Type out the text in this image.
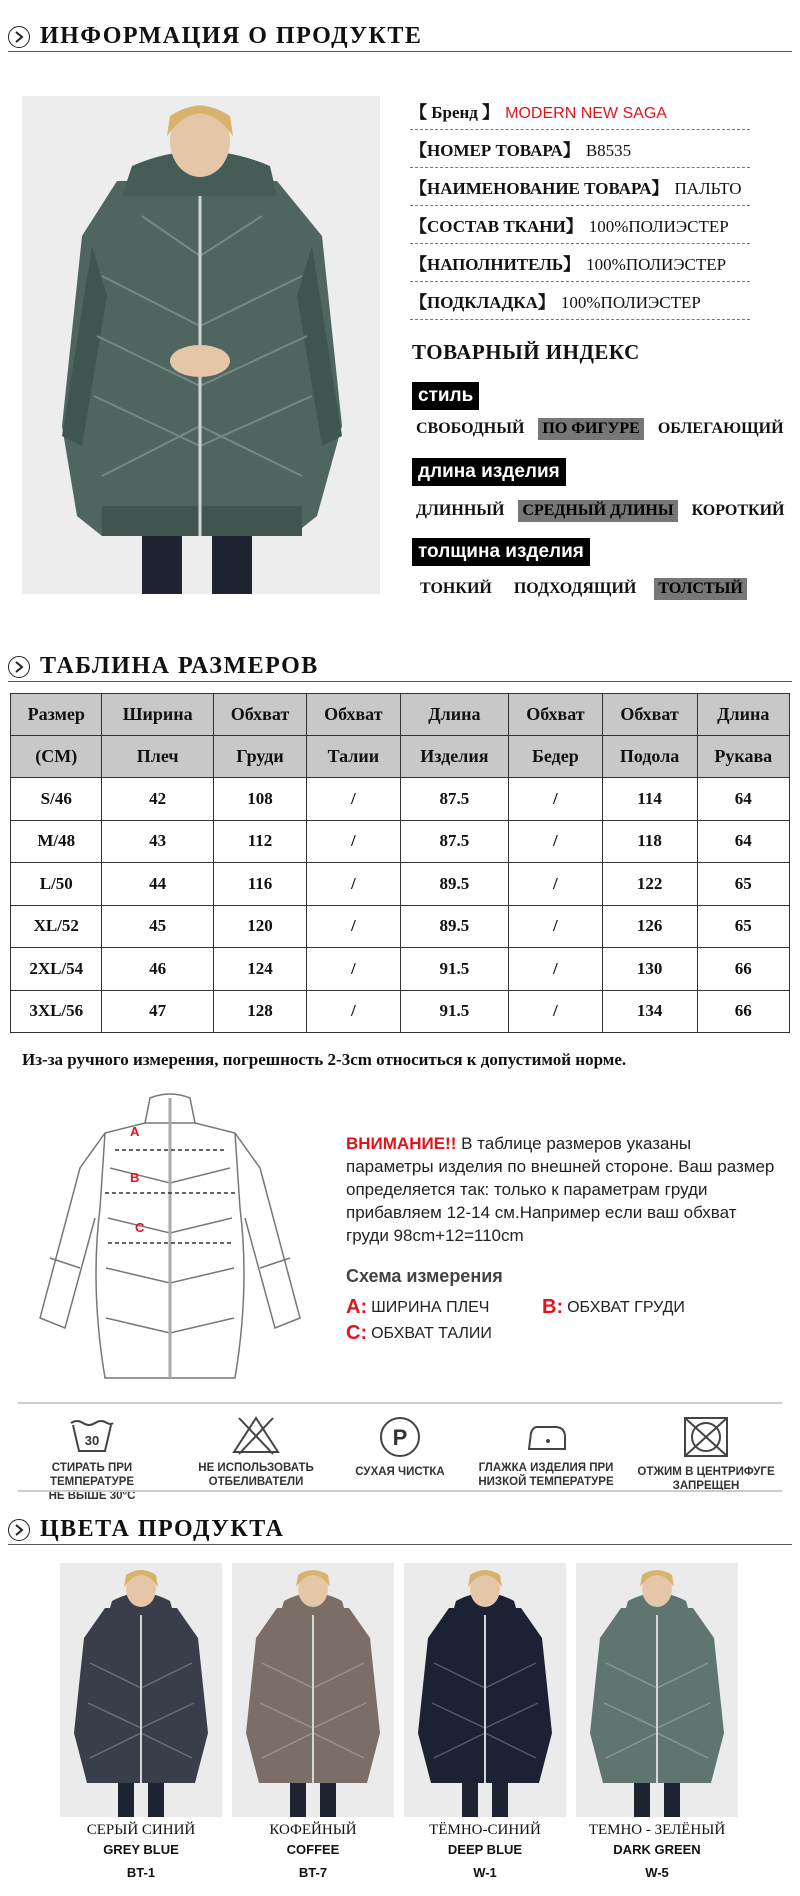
ИНФОРМАЦИЯ О ПРОДУКТЕ
【 Бренд 】 MODERN NEW SAGA
【НОМЕР ТОВАРА】 B8535
【НАИМЕНОВАНИЕ ТОВАРА】 ПАЛЬТО
【СОСТАВ ТКАНИ】 100%ПОЛИЭСТЕР
【НАПОЛНИТЕЛЬ】 100%ПОЛИЭСТЕР
【ПОДКЛАДКА】 100%ПОЛИЭСТЕР
ТОВАРНЫЙ ИНДЕКС
стиль
СВОБОДНЫЙ ПО ФИГУРЕ ОБЛЕГАЮЩИЙ
длина изделия
ДЛИННЫЙ СРЕДНЫЙ ДЛИНЫ КОРОТКИЙ
толщина изделия
ТОНКИЙ ПОДХОДЯЩИЙ ТОЛСТЫЙ
ТАБЛИНА РАЗМЕРОВ
Размер	Ширина	Обхват	Обхват	Длина	Обхват	Обхват	Длина
(CM)	Плеч	Груди	Талии	Изделия	Бедер	Подола	Рукава
S/46	42	108	/	87.5	/	114	64
M/48	43	112	/	87.5	/	118	64
L/50	44	116	/	89.5	/	122	65
XL/52	45	120	/	89.5	/	126	65
2XL/54	46	124	/	91.5	/	130	66
3XL/56	47	128	/	91.5	/	134	66
Из-за ручного измерения, погрешность 2-3cm относиться к допустимой норме.
A
B
C
ВНИМАНИЕ!! В таблице размеров указаны параметры изделия по внешней стороне. Ваш размер определяется так: только к параметрам груди прибавляем 12-14 см.Например если ваш обхват груди 98cm+12=110cm
Схема измерения
A: ШИРИНА ПЛЕЧ	B: ОБХВАТ ГРУДИ
C: ОБХВАТ ТАЛИИ
30
СТИРАТЬ ПРИ ТЕМПЕРАТУРЕ
НЕ ВЫШЕ 30°C
НЕ ИСПОЛЬЗОВАТЬ
ОТБЕЛИВАТЕЛИ
P
СУХАЯ ЧИСТКА	ГЛАЖКА ИЗДЕЛИЯ ПРИ
НИЗКОЙ ТЕМПЕРАТУРЕ
ОТЖИМ В ЦЕНТРИФУГЕ
ЗАПРЕЩЕН
ЦВЕТА ПРОДУКТА
СЕРЫЙ СИНИЙ
GREY BLUE
BT-1
КОФЕЙНЫЙ
COFFEE
BT-7
ТЁМНО-СИНИЙ
DEEP BLUE
W-1
ТЕМНО - ЗЕЛЁНЫЙ
DARK GREEN
W-5
